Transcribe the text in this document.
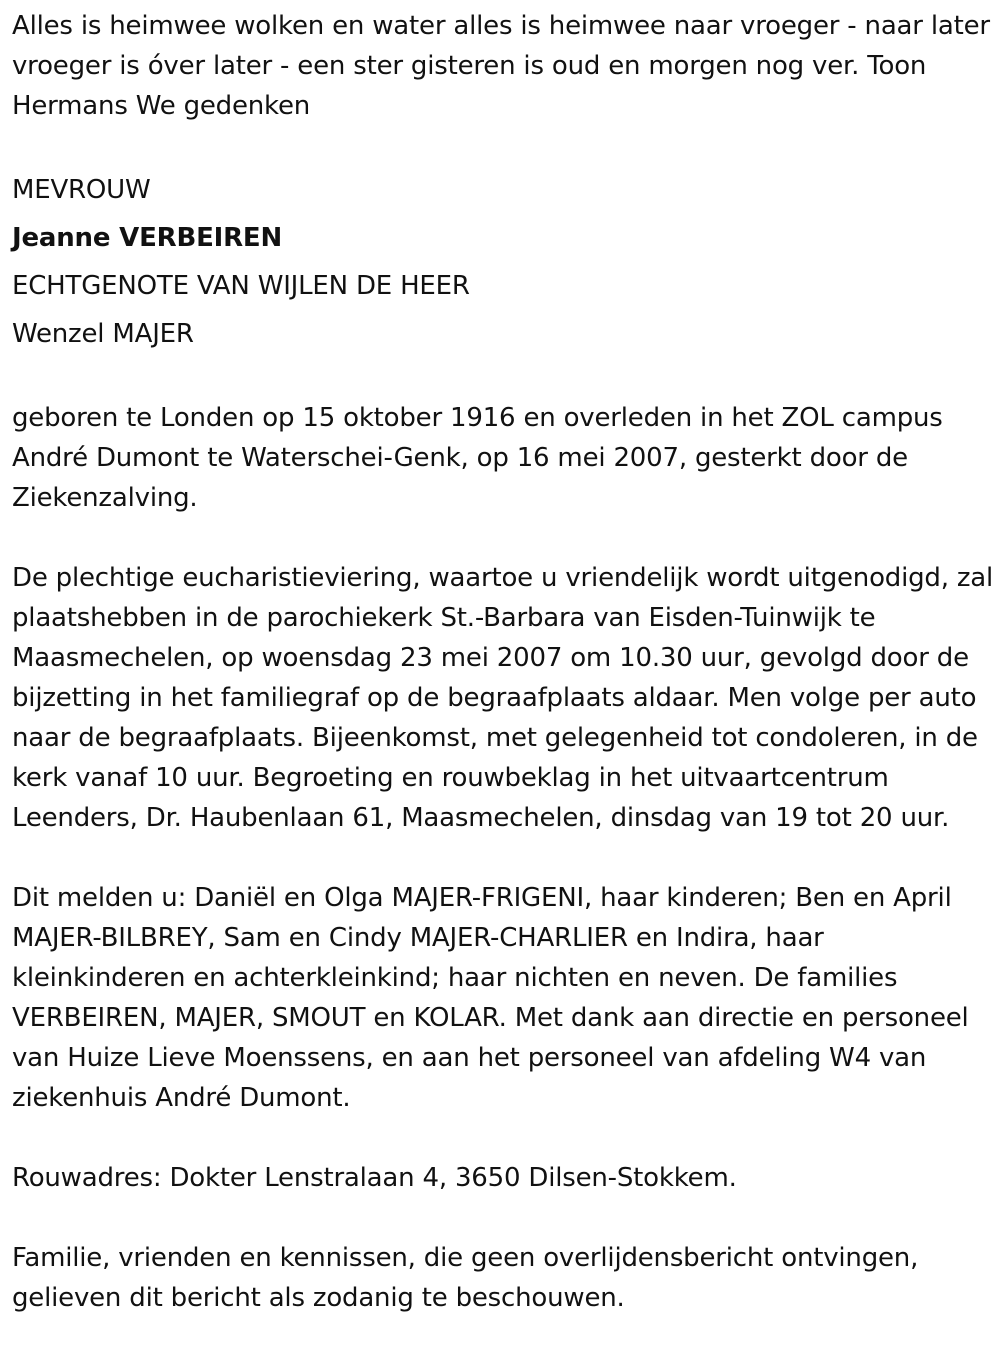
Alles is heimwee wolken en water alles is heimwee naar vroeger - naar later vroeger is óver later - een ster gisteren is oud en morgen nog ver. Toon Hermans We gedenken

MEVROUW

Jeanne VERBEIREN

ECHTGENOTE VAN WIJLEN DE HEER

Wenzel MAJER

geboren te Londen op 15 oktober 1916 en overleden in het ZOL campus André Dumont te Waterschei-Genk, op 16 mei 2007, gesterkt door de Ziekenzalving.

De plechtige eucharistieviering, waartoe u vriendelijk wordt uitgenodigd, zal plaatshebben in de parochiekerk St.-Barbara van Eisden-Tuinwijk te Maasmechelen, op woensdag 23 mei 2007 om 10.30 uur, gevolgd door de bijzetting in het familiegraf op de begraafplaats aldaar. Men volge per auto naar de begraafplaats. Bijeenkomst, met gelegenheid tot condoleren, in de kerk vanaf 10 uur. Begroeting en rouwbeklag in het uitvaartcentrum Leenders, Dr. Haubenlaan 61, Maasmechelen, dinsdag van 19 tot 20 uur.

Dit melden u: Daniël en Olga MAJER-FRIGENI, haar kinderen; Ben en April MAJER-BILBREY, Sam en Cindy MAJER-CHARLIER en Indira, haar kleinkinderen en achterkleinkind; haar nichten en neven. De families VERBEIREN, MAJER, SMOUT en KOLAR. Met dank aan directie en personeel van Huize Lieve Moenssens, en aan het personeel van afdeling W4 van ziekenhuis André Dumont.

Rouwadres: Dokter Lenstralaan 4, 3650 Dilsen-Stokkem.

Familie, vrienden en kennissen, die geen overlijdensbericht ontvingen, gelieven dit bericht als zodanig te beschouwen.
